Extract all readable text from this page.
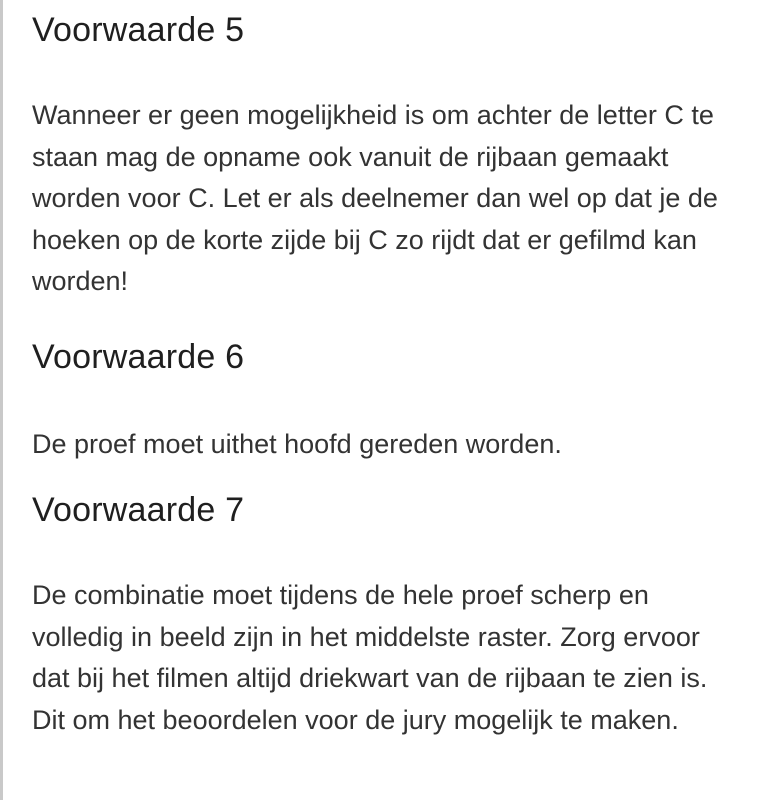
Voorwaarde 5

Wanneer er geen mogelijkheid is om achter de letter C te staan mag de opname ook vanuit de rijbaan gemaakt worden voor C. Let er als deelnemer dan wel op dat je de hoeken op de korte zijde bij C zo rijdt dat er gefilmd kan worden!

Voorwaarde 6

De proef moet uithet hoofd gereden worden.

Voorwaarde 7

De combinatie moet tijdens de hele proef scherp en volledig in beeld zijn in het middelste raster. Zorg ervoor dat bij het filmen altijd driekwart van de rijbaan te zien is. Dit om het beoordelen voor de jury mogelijk te maken.
